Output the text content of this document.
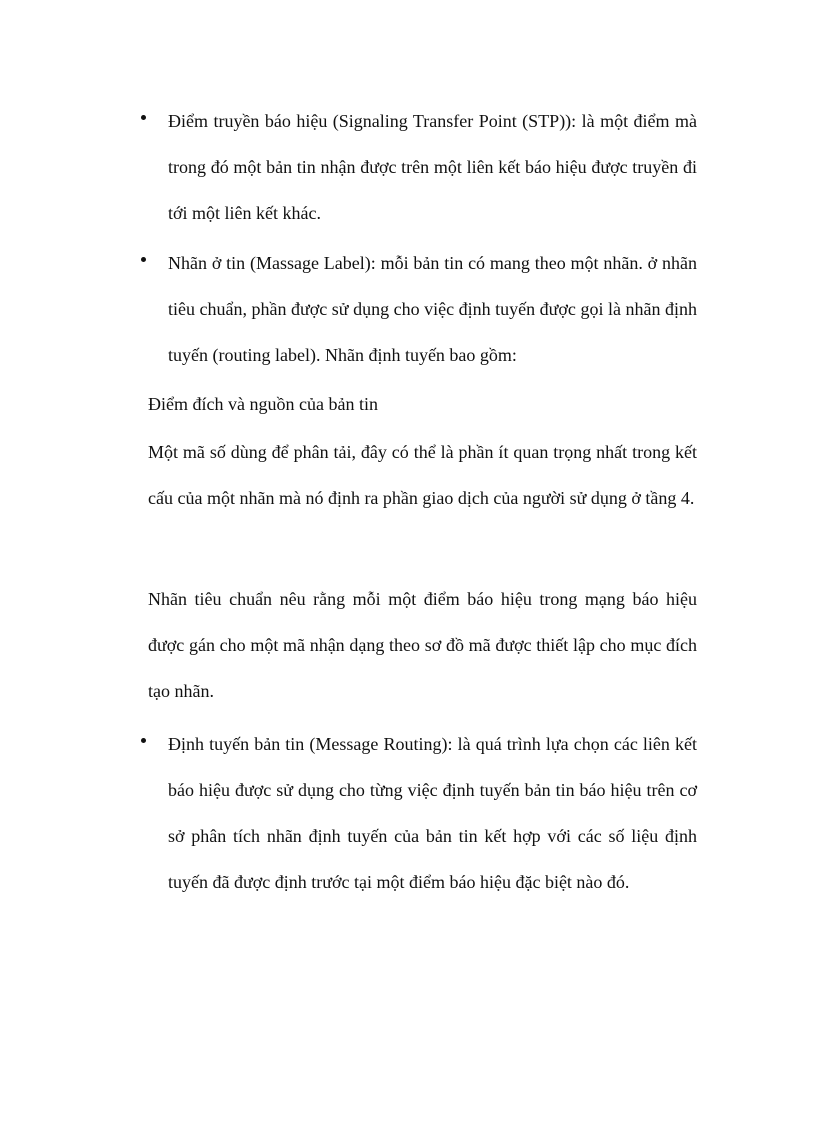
Điểm truyền báo hiệu (Signaling Transfer Point (STP)): là một điểm mà trong đó một bản tin nhận được trên một liên kết báo hiệu được truyền đi tới một liên kết khác.

Nhãn ở tin (Massage Label): mỗi bản tin có mang theo một nhãn. ở nhãn tiêu chuẩn, phần được sử dụng cho việc định tuyến được gọi là nhãn định tuyến (routing label). Nhãn định tuyến bao gồm:

Điểm đích và nguồn của bản tin

Một mã số dùng để phân tải, đây có thể là phần ít quan trọng nhất trong kết cấu của một nhãn mà nó định ra phần giao dịch của người sử dụng ở tầng 4.

Nhãn tiêu chuẩn nêu rằng mỗi một điểm báo hiệu trong mạng báo hiệu được gán cho một mã nhận dạng theo sơ đồ mã được thiết lập cho mục đích tạo nhãn.

Định tuyến bản tin (Message Routing): là quá trình lựa chọn các liên kết báo hiệu được sử dụng cho từng việc định tuyến bản tin báo hiệu trên cơ sở phân tích nhãn định tuyến của bản tin kết hợp với các số liệu định tuyến đã được định trước tại một điểm báo hiệu đặc biệt nào đó.
